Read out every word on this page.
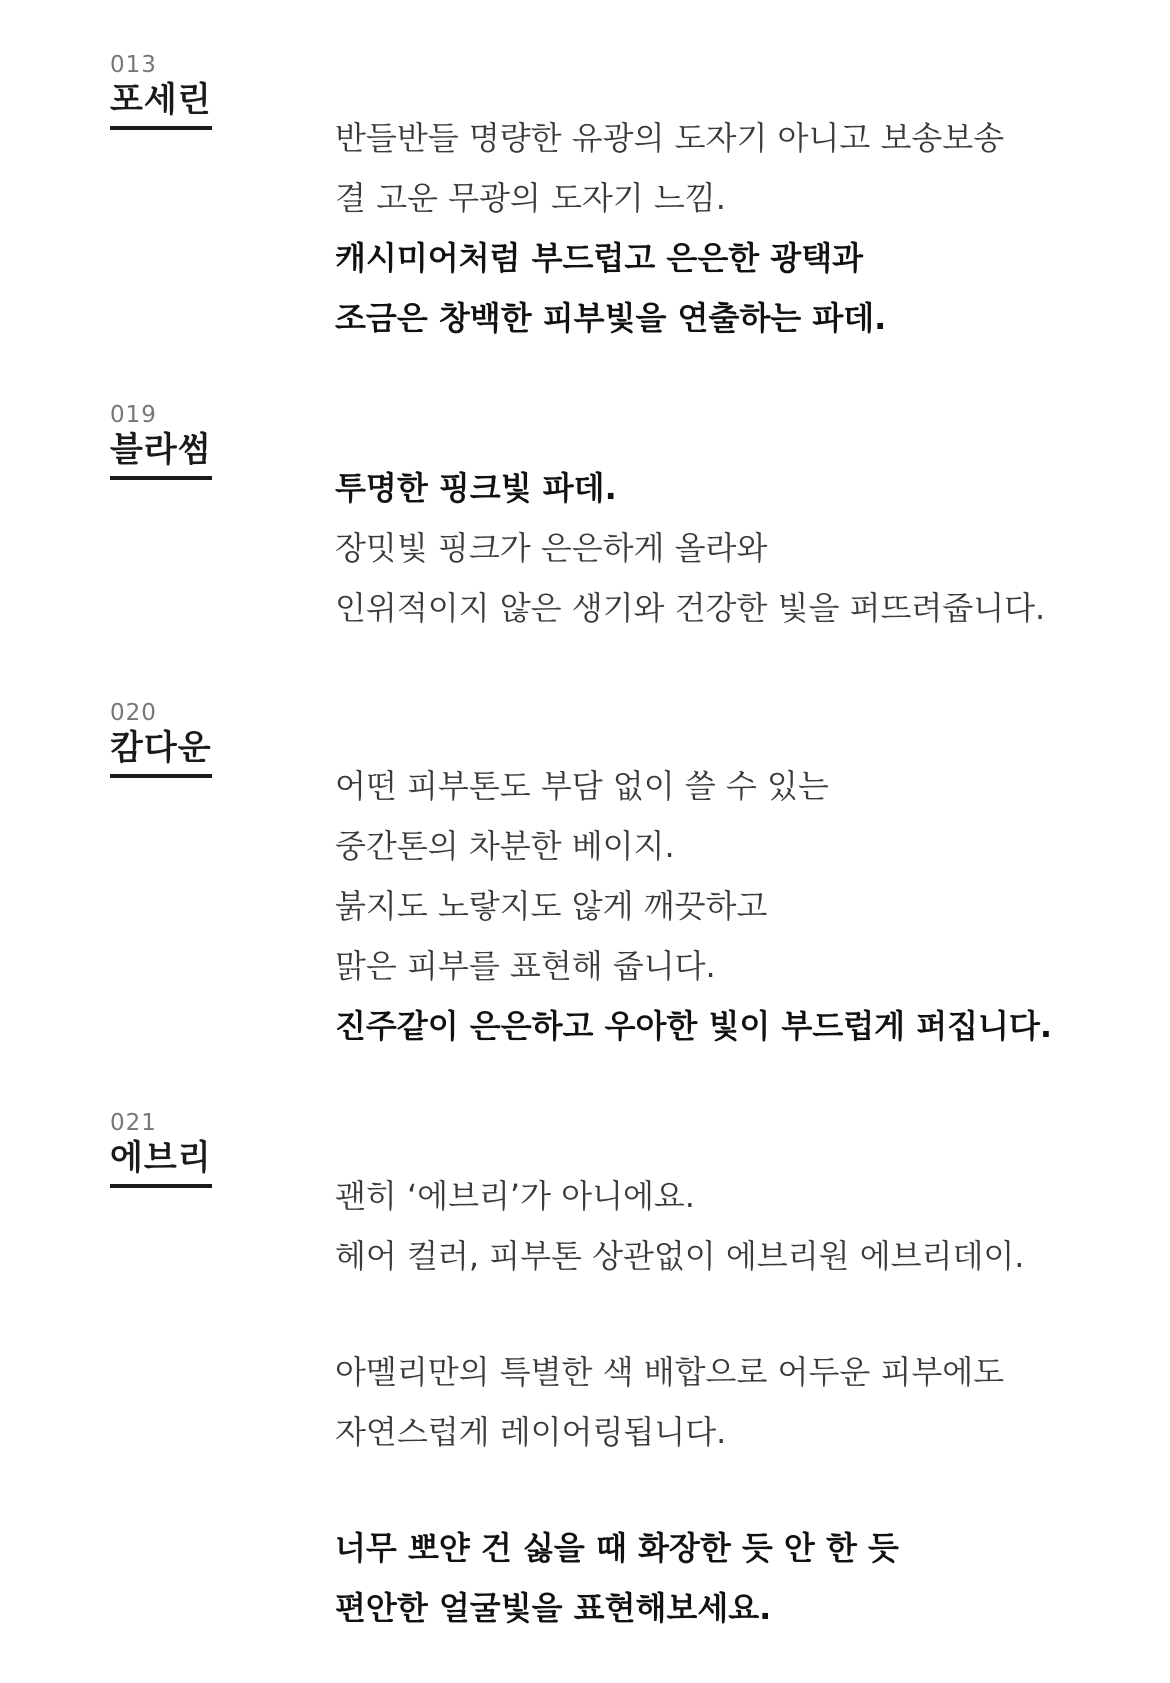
013
포세린
반들반들 명량한 유광의 도자기 아니고 보송보송
결 고운 무광의 도자기 느낌.
캐시미어처럼 부드럽고 은은한 광택과
조금은 창백한 피부빛을 연출하는 파데.
019
블라썸
투명한 핑크빛 파데.
장밋빛 핑크가 은은하게 올라와
인위적이지 않은 생기와 건강한 빛을 퍼뜨려줍니다.
020
캄다운
어떤 피부톤도 부담 없이 쓸 수 있는
중간톤의 차분한 베이지.
붉지도 노랗지도 않게 깨끗하고
맑은 피부를 표현해 줍니다.
진주같이 은은하고 우아한 빛이 부드럽게 퍼집니다.
021
에브리
괜히 ‘에브리’가 아니에요.
헤어 컬러, 피부톤 상관없이 에브리원 에브리데이.
아멜리만의 특별한 색 배합으로 어두운 피부에도
자연스럽게 레이어링됩니다.
너무 뽀얀 건 싫을 때 화장한 듯 안 한 듯
편안한 얼굴빛을 표현해보세요.
